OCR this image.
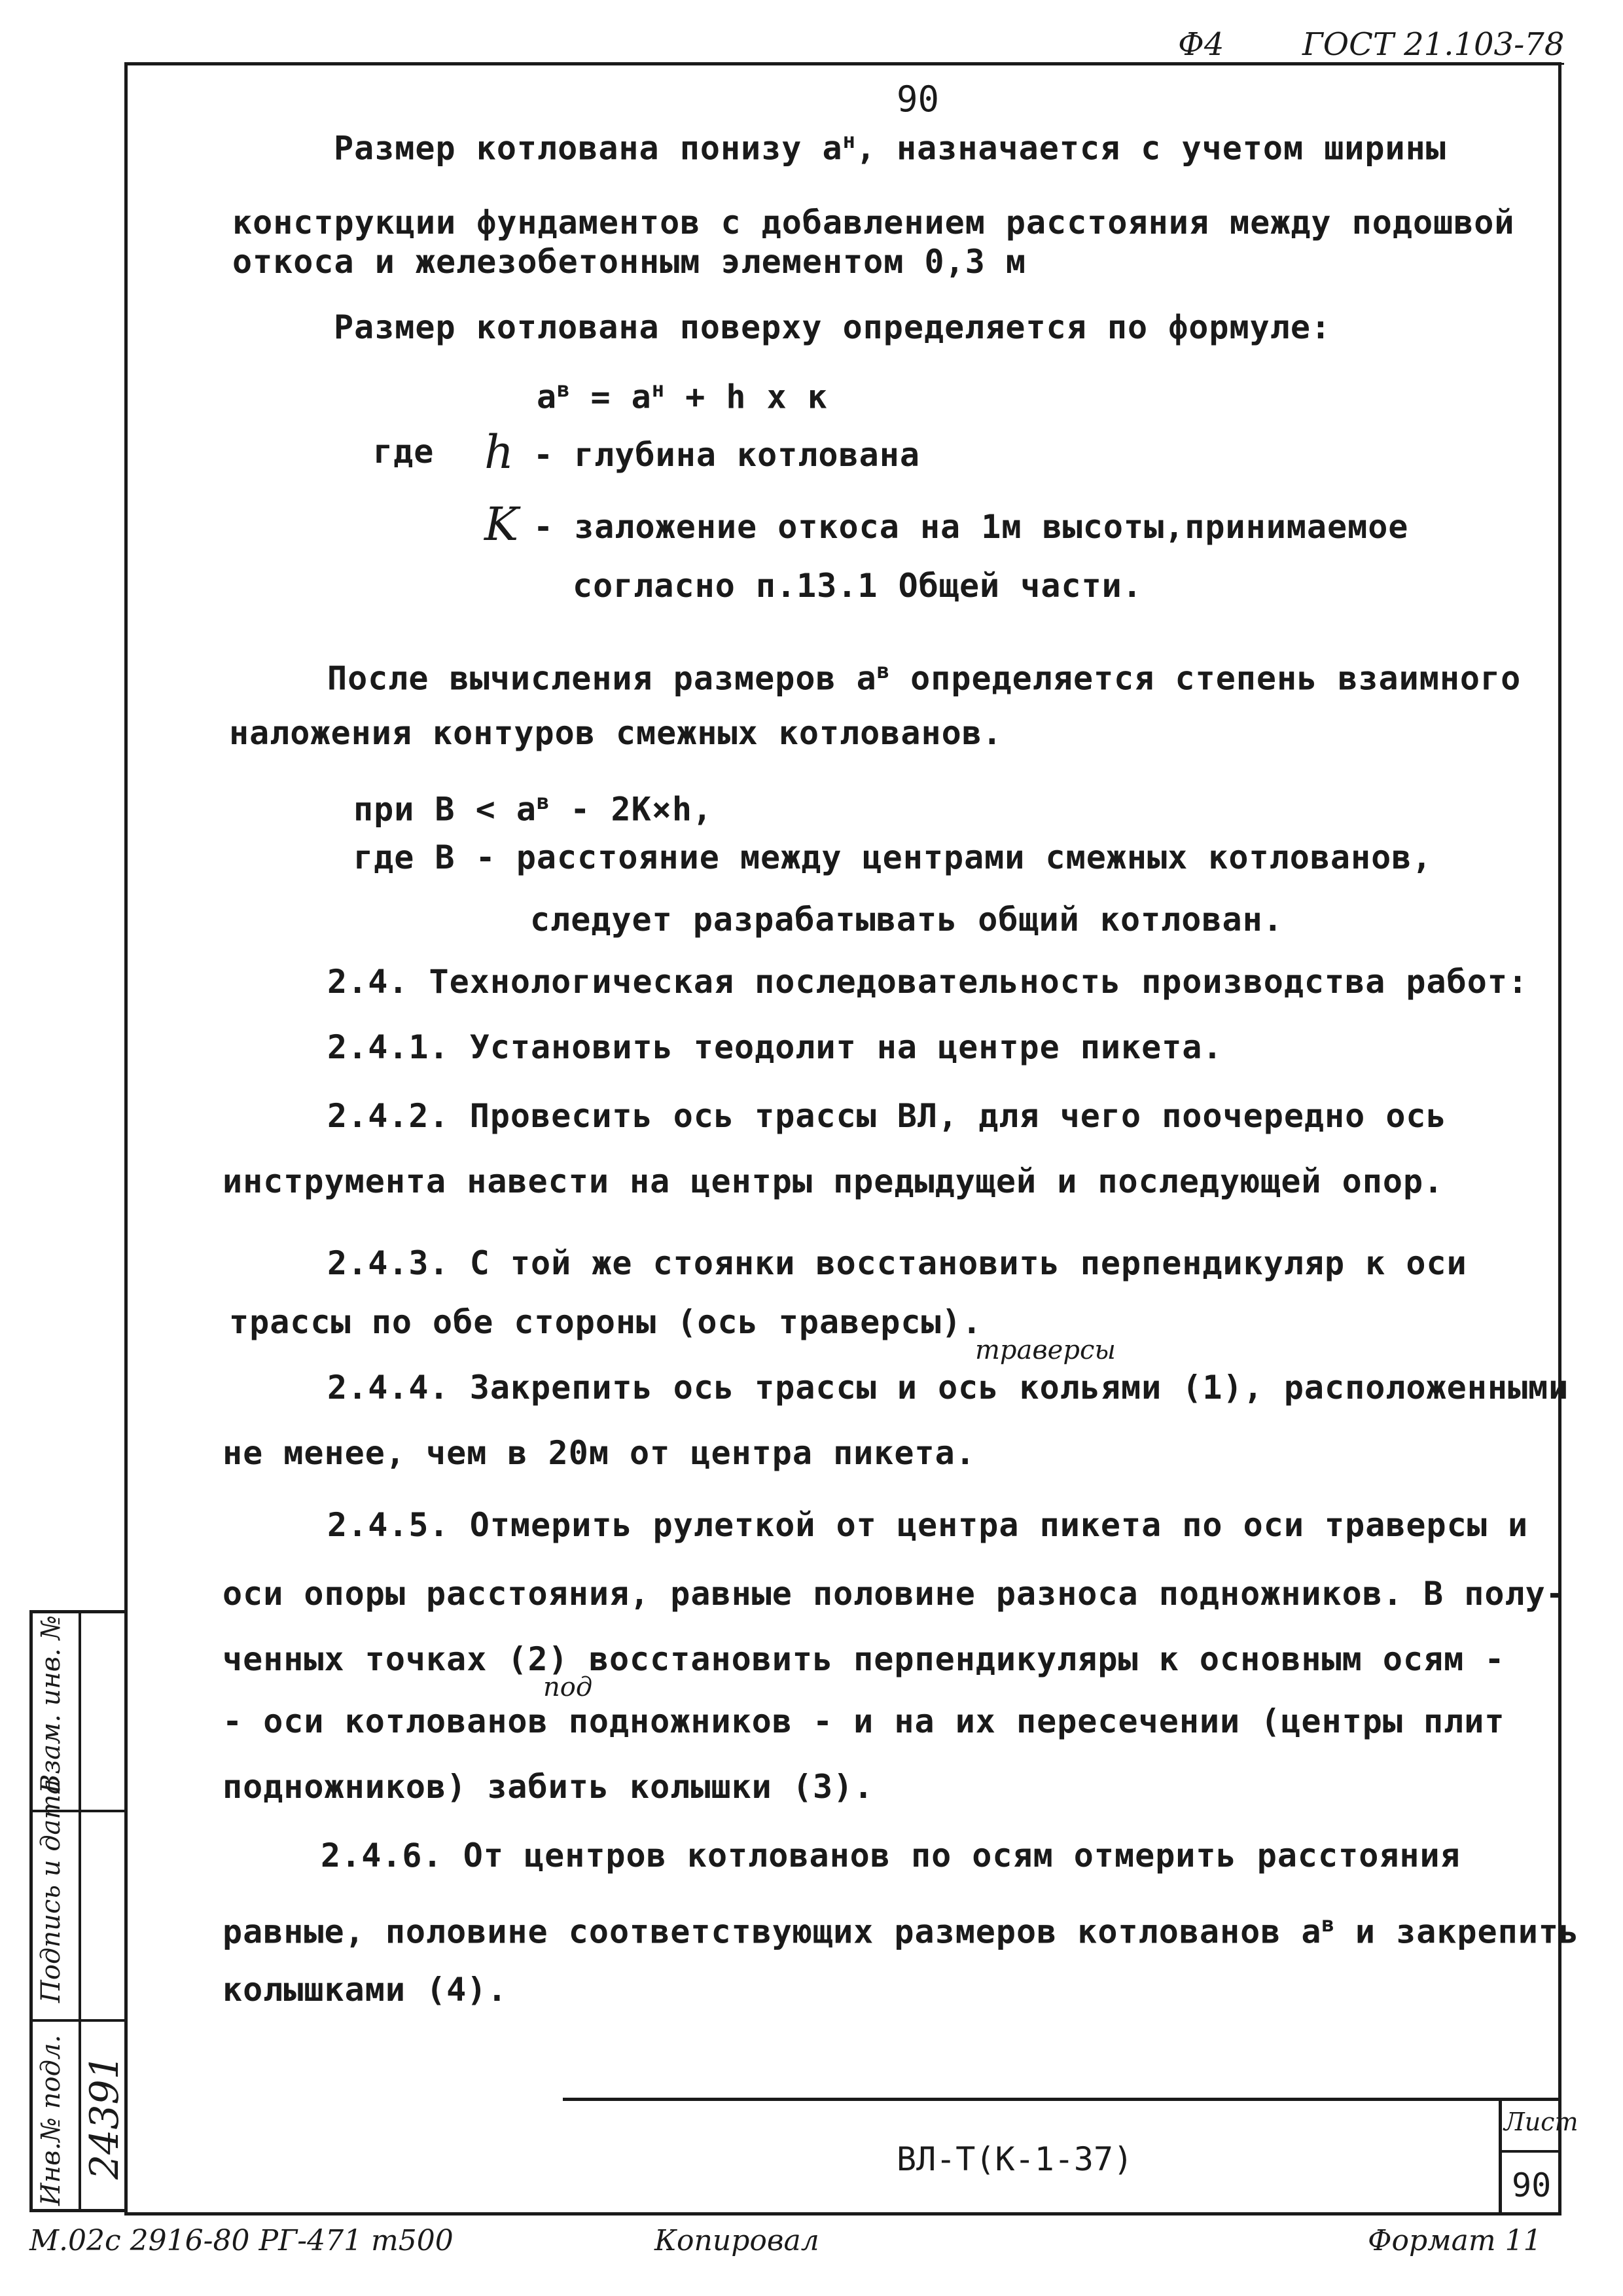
Ф4 ГОСТ 21.103-78
90
Размер котлована понизу $а^н$, назначается с учетом ширины
конструкции фундаментов с добавлением расстояния между подошвой
откоса и железобетонным элементом 0,3 м
Размер котлована поверху определяется по формуле:
$а^в = а^н + h$ х к
где	h - глубина котлована
K - заложение откоса на 1м высоты,принимаемое
согласно п.13.1 Общей части.
После вычисления размеров $а^в$ определяется степень взаимного
наложения контуров смежных котлованов.
при $В < а^в - 2К\times h$,
где В - расстояние между центрами смежных котлованов,
следует разрабатывать общий котлован.
2.4. Технологическая последовательность производства работ:
2.4.1. Установить теодолит на центре пикета.
2.4.2. Провесить ось трассы ВЛ, для чего поочередно ось
инструмента навести на центры предыдущей и последующей опор.
2.4.3. С той же стоянки восстановить перпендикуляр к оси
трассы по обе стороны (ось траверсы).
траверсы
2.4.4. Закрепить ось трассы и ось кольями (1), расположенными
не менее, чем в 20м от центра пикета.
2.4.5. Отмерить рулеткой от центра пикета по оси траверсы и
оси опоры расстояния, равные половине разноса подножников. В полу-
ченных точках (2) восстановить перпендикуляры к основным осям -
под
- оси котлованов подножников - и на их пересечении (центры плит
подножников) забить колышки (3).
2.4.6. От центров котлованов по осям отмерить расстояния
равные, половине соответствующих размеров котлованов $а^в$ и закрепить
колышками (4).
Взам. инв. №
Подпись и дата
Инв.№ подл. 24391	ВЛ-Т(К-1-37)
Лист
90
М.02с 2916-80 РГ-471 т500	Копировал	Формат 11
